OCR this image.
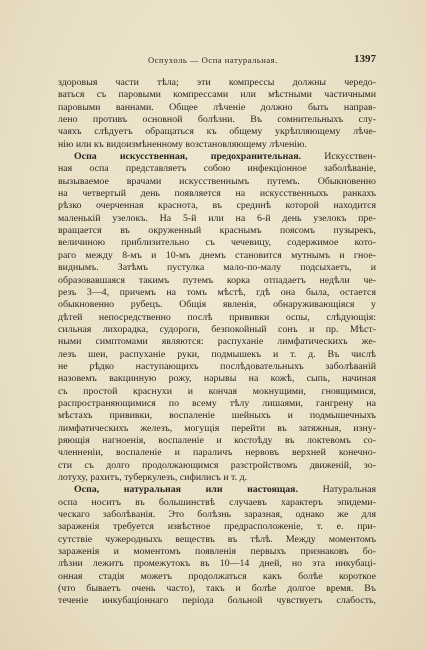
Оспухоль — Оспа натуральная.	1397
здоровыя части тѣла; эти компрессы должны чередо-
ваться съ паровыми компрессами или мѣстными частичными
паровыми ваннами. Общее лѣченіе должно быть направ-
лено противъ основной болѣзни. Въ сомнительныхъ слу-
чаяхъ слѣдуетъ обращаться къ общему укрѣпляющему лѣче-
нію или къ видоизмѣненному возстановляющему лѣченію.
Оспа искусственная, предохранительная. Искусствен-
ная оспа представляетъ собою инфекціонное заболѣваніе,
вызываемое врачами искусственнымъ путемъ. Обыкновенно
на четвертый день появляется на искусственныхъ ранкахъ
рѣзко очерченная краснота, въ срединѣ которой находится
маленькій узелокъ. На 5-й или на 6-й день узелокъ пре-
вращается въ окруженный краснымъ поясомъ пузырекъ,
величиною приблизительно съ чечевицу, содержимое кото-
раго между 8-мъ и 10-мъ днемъ становится мутнымъ и гное-
виднымъ. Затѣмъ пустулка мало-по-малу подсыхаетъ, и
образовавшаяся такимъ путемъ корка отпадаетъ недѣли че-
резъ 3—4, причемъ на томъ мѣстѣ, гдѣ она была, остается
обыкновенно рубецъ. Общія явленія, обнаруживающіяся у
дѣтей непосредственно послѣ прививки оспы, слѣдующія:
сильная лихорадка, судороги, безпокойный сонъ и пр. Мѣст-
ными симптомами являются: распуханіе лимфатическихъ же-
лезъ шеи, распуханіе руки, подмышекъ и т. д. Въ числѣ
не рѣдко наступающихъ послѣдовательныхъ заболѣваній
назовемъ вакцинную рожу, нарывы на кожѣ, сыпь, начиная
съ простой краснухи и кончая мокнущими, гноящимися,
распространяющимися по всему тѣлу лишаями, гангрену на
мѣстахъ прививки, воспаленіе шейныхъ и подмышечныхъ
лимфатическихъ железъ, могущія перейти въ затяжныя, изну-
ряющія нагноенія, воспаленіе и костоѣду въ локтевомъ со-
членненіи, воспаленіе и параличъ нервовъ верхней конечно-
сти съ долго продолжающимся разстройствомъ движеній, зо-
лотуху, рахитъ, туберкулезъ, сифилисъ и т. д.
Оспа, натуральная или настоящая. Натуральная
оспа носитъ въ большинствѣ случаевъ характеръ эпидеми-
ческаго заболѣванія. Это болѣзнь заразная, однако же для
зараженія требуется извѣстное предрасположеніе, т. е. при-
сутствіе чужеродныхъ веществъ въ тѣлѣ. Между моментомъ
зараженія и моментомъ появленія первыхъ признаковъ бо-
лѣзни лежитъ промежутокъ въ 10—14 дней, но эта инкубаці-
онная стадія можетъ продолжаться какъ болѣе короткое
(что бываетъ очень часто), такъ и болѣе долгое время. Въ
теченіе инкубаціоннаго періода больной чувствуетъ слабость,
